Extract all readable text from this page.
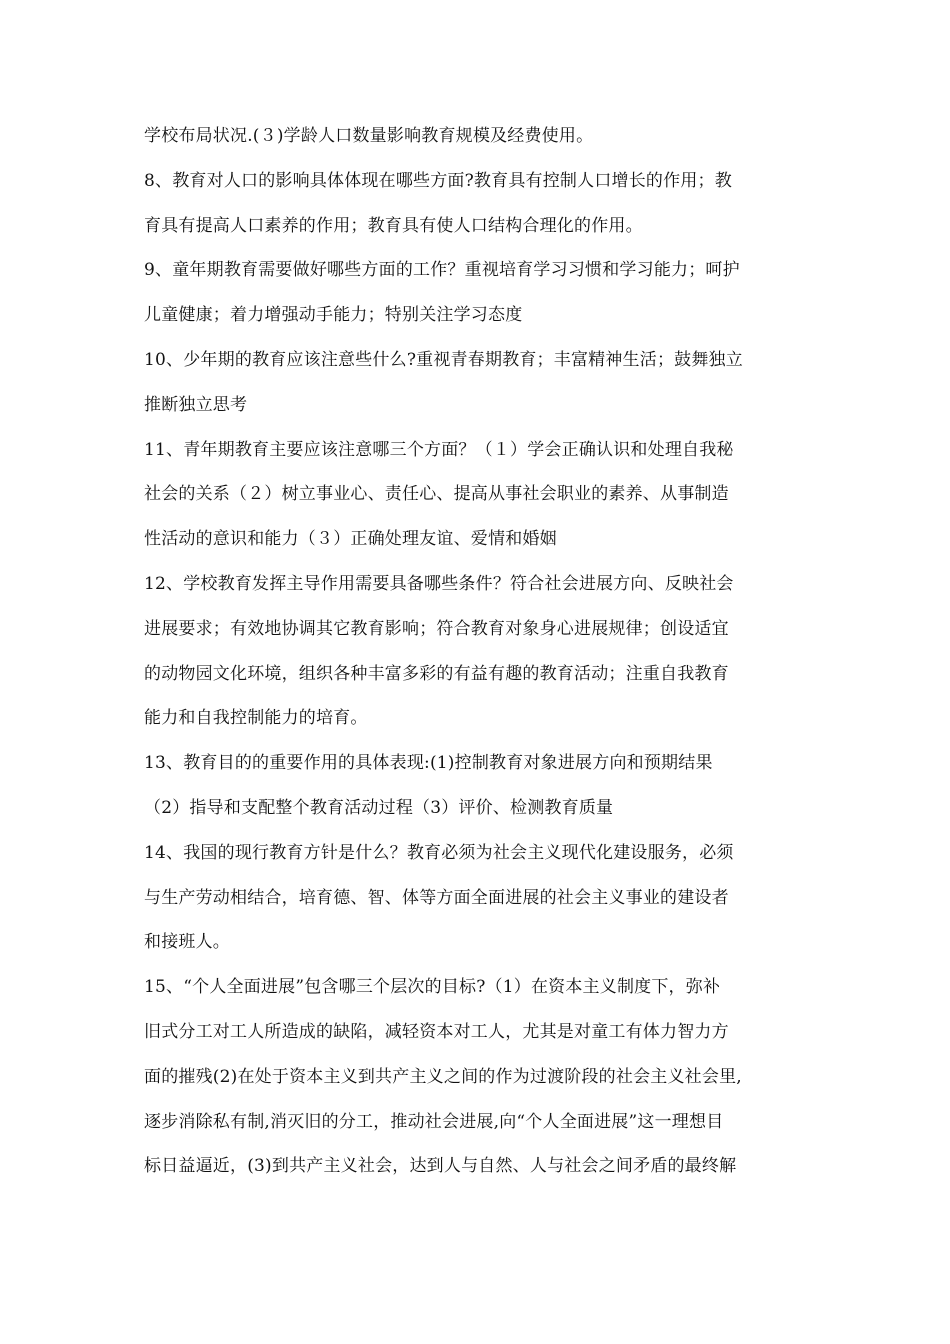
学校布局状况.(３)学龄人口数量影响教育规模及经费使用。
8、教育对人口的影响具体体现在哪些方面?教育具有控制人口增长的作用；教
育具有提高人口素养的作用；教育具有使人口结构合理化的作用。
9、童年期教育需要做好哪些方面的工作？重视培育学习习惯和学习能力；呵护
儿童健康；着力增强动手能力；特别关注学习态度
10、少年期的教育应该注意些什么?重视青春期教育；丰富精神生活；鼓舞独立
推断独立思考
11、青年期教育主要应该注意哪三个方面？（１）学会正确认识和处理自我秘
社会的关系（２）树立事业心、责任心、提高从事社会职业的素养、从事制造
性活动的意识和能力（３）正确处理友谊、爱情和婚姻
12、学校教育发挥主导作用需要具备哪些条件？符合社会进展方向、反映社会
进展要求；有效地协调其它教育影响；符合教育对象身心进展规律；创设适宜
的动物园文化环境，组织各种丰富多彩的有益有趣的教育活动；注重自我教育
能力和自我控制能力的培育。
13、教育目的的重要作用的具体表现:(1)控制教育对象进展方向和预期结果
（2）指导和支配整个教育活动过程（3）评价、检测教育质量
14、我国的现行教育方针是什么？教育必须为社会主义现代化建设服务，必须
与生产劳动相结合，培育德、智、体等方面全面进展的社会主义事业的建设者
和接班人。
15、“个人全面进展”包含哪三个层次的目标?（1）在资本主义制度下，弥补
旧式分工对工人所造成的缺陷，减轻资本对工人，尤其是对童工有体力智力方
面的摧残(2)在处于资本主义到共产主义之间的作为过渡阶段的社会主义社会里,
逐步消除私有制,消灭旧的分工，推动社会进展,向“个人全面进展”这一理想目
标日益逼近，(3)到共产主义社会，达到人与自然、人与社会之间矛盾的最终解
